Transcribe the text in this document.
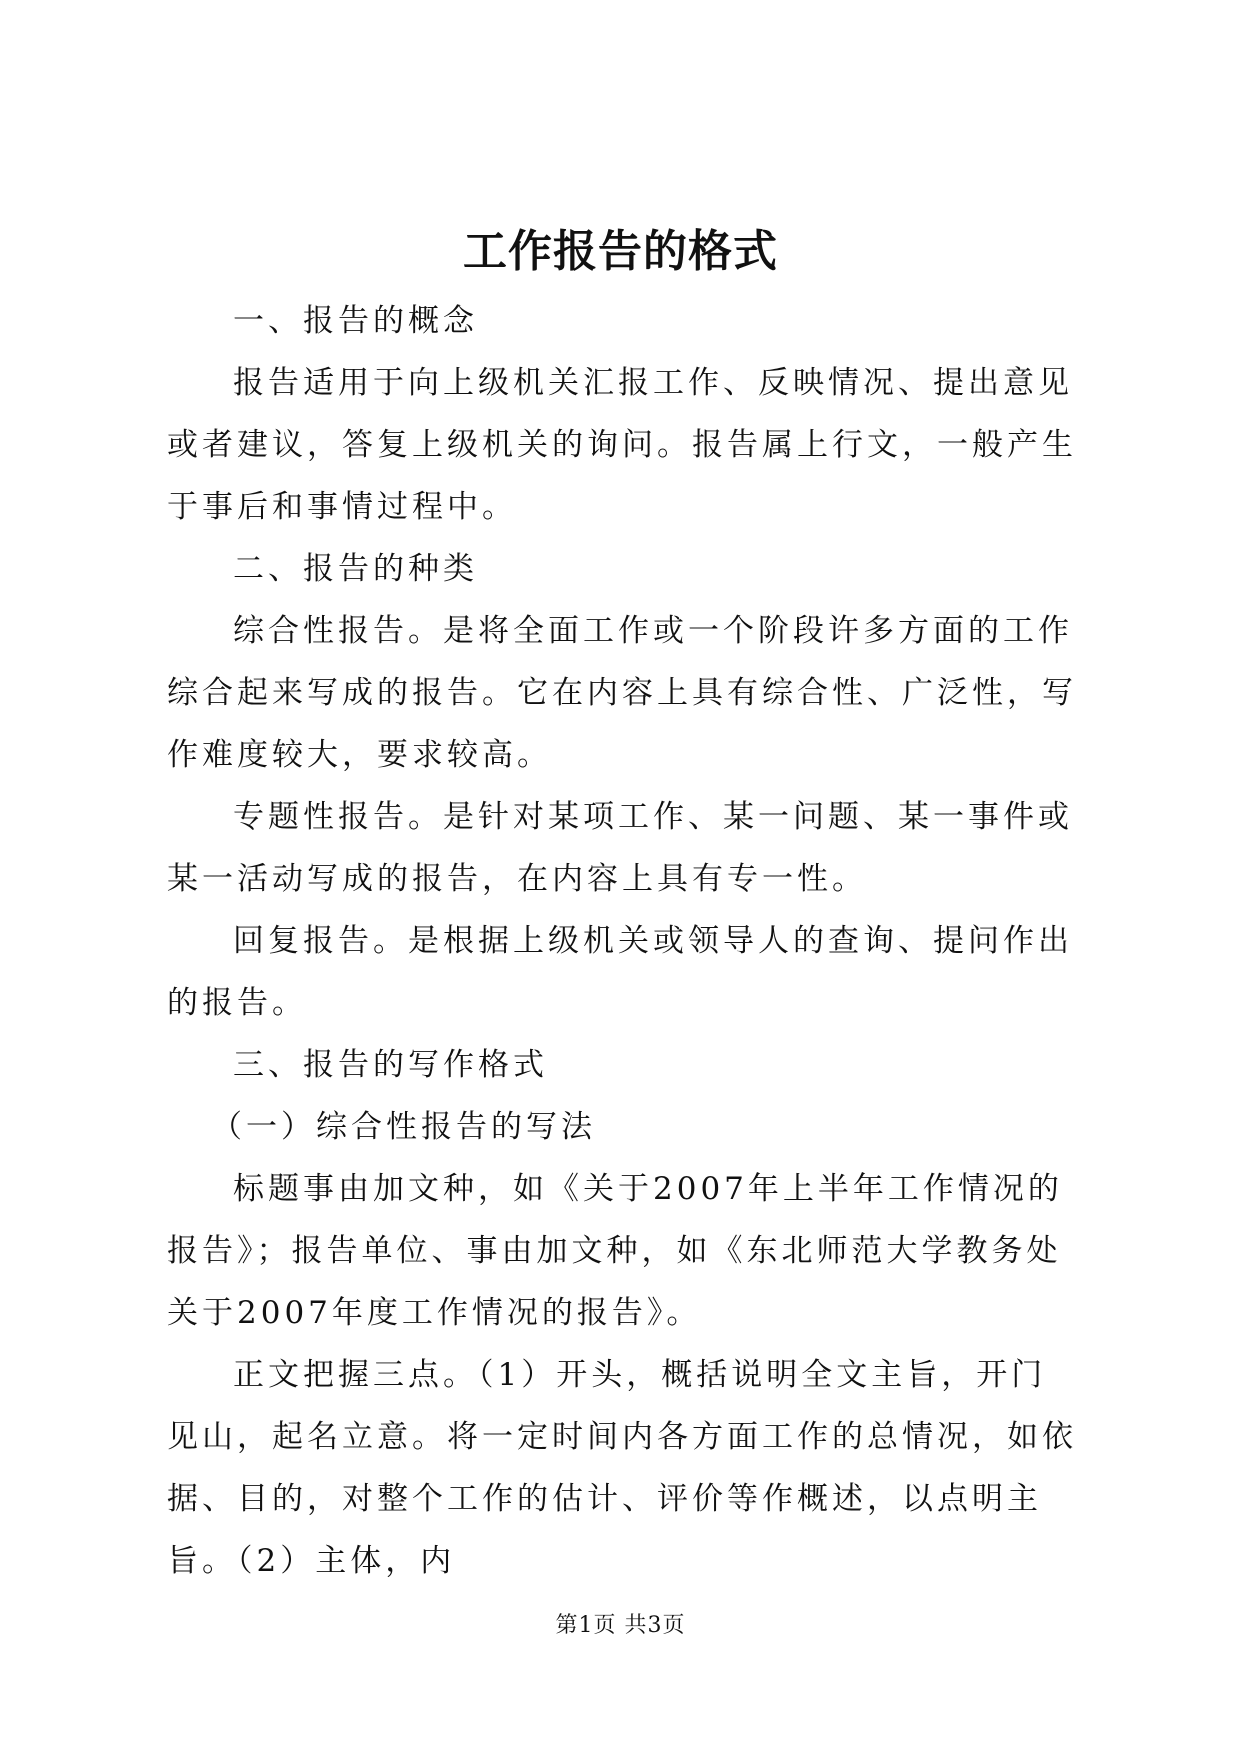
工作报告的格式

一、报告的概念

报告适用于向上级机关汇报工作、反映情况、提出意见或者建议，答复上级机关的询问。报告属上行文，一般产生于事后和事情过程中。

二、报告的种类

综合性报告。是将全面工作或一个阶段许多方面的工作综合起来写成的报告。它在内容上具有综合性、广泛性，写作难度较大，要求较高。

专题性报告。是针对某项工作、某一问题、某一事件或某一活动写成的报告，在内容上具有专一性。

回复报告。是根据上级机关或领导人的查询、提问作出的报告。

三、报告的写作格式

（一）综合性报告的写法

标题事由加文种，如《关于2007年上半年工作情况的报告》；报告单位、事由加文种，如《东北师范大学教务处关于2007年度工作情况的报告》。

正文把握三点。（1）开头，概括说明全文主旨，开门见山，起名立意。将一定时间内各方面工作的总情况，如依据、目的，对整个工作的估计、评价等作概述，以点明主旨。（2）主体，内

第1页 共3页
